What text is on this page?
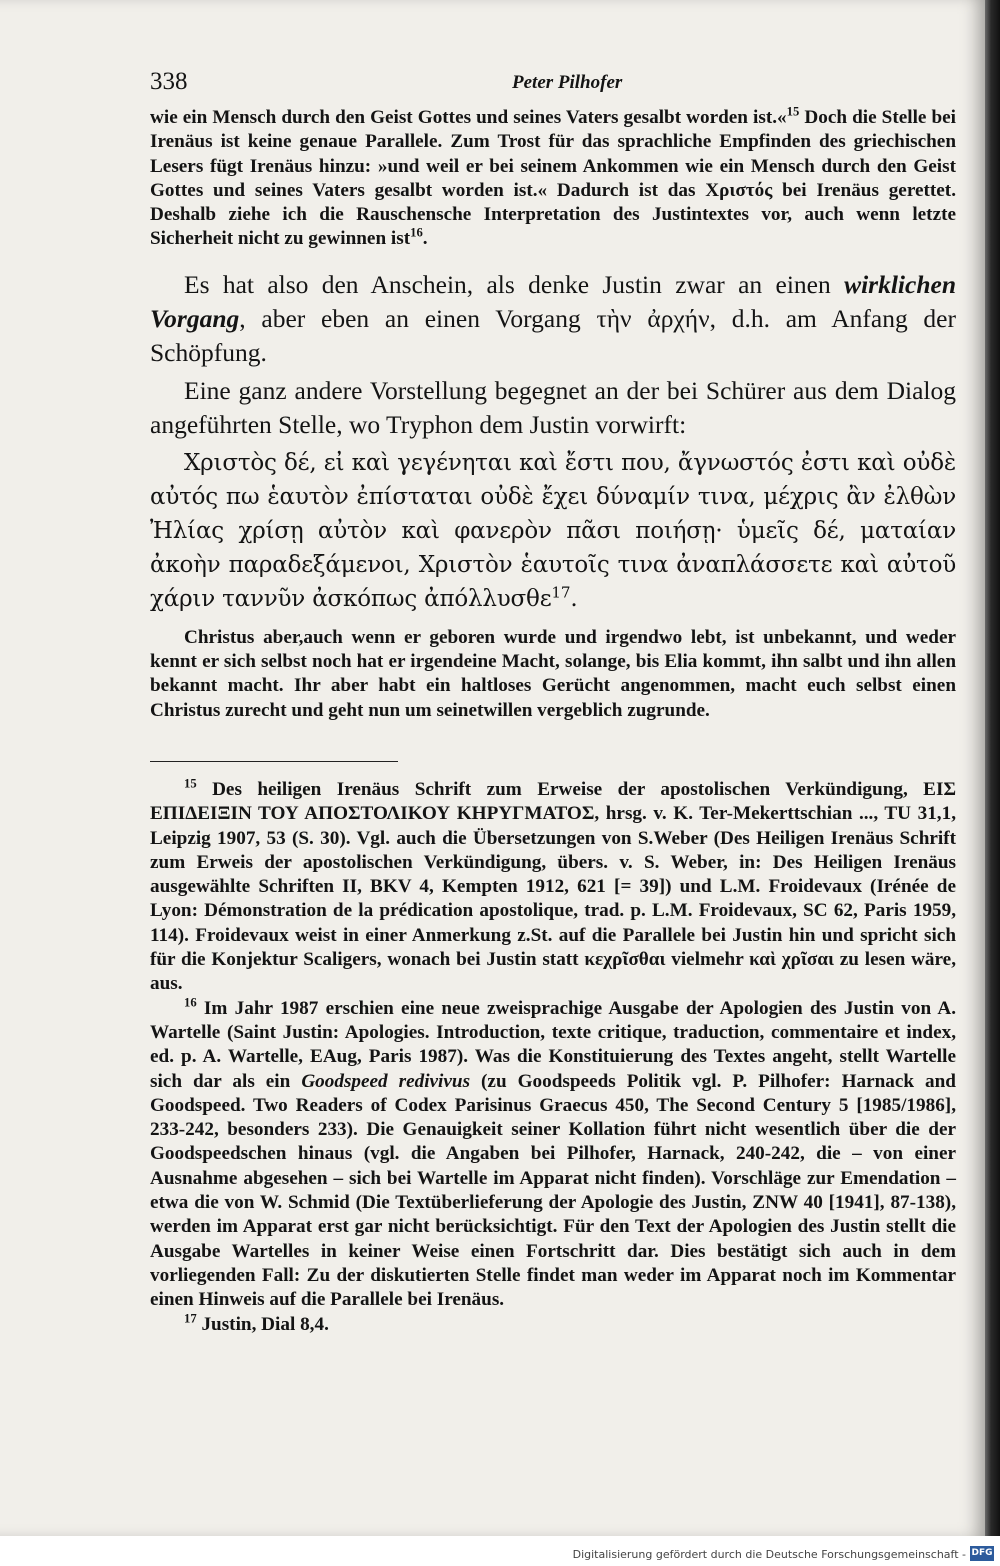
338	Peter Pilhofer

wie ein Mensch durch den Geist Gottes und seines Vaters gesalbt worden ist.«$^{15}$ Doch die Stelle bei Irenäus ist keine genaue Parallele. Zum Trost für das sprachliche Empfinden des griechischen Lesers fügt Irenäus hinzu: »und weil er bei seinem Ankommen wie ein Mensch durch den Geist Gottes und seines Vaters gesalbt worden ist.« Dadurch ist das Χριστός bei Irenäus gerettet. Deshalb ziehe ich die Rauschensche Interpretation des Justintextes vor, auch wenn letzte Sicherheit nicht zu gewinnen ist$^{16}$.

Es hat also den Anschein, als denke Justin zwar an einen wirklichen Vorgang, aber eben an einen Vorgang τὴν ἀρχήν, d.h. am Anfang der Schöpfung.

Eine ganz andere Vorstellung begegnet an der bei Schürer aus dem Dialog angeführten Stelle, wo Tryphon dem Justin vorwirft:

Χριστὸς δέ, εἰ καὶ γεγένηται καὶ ἔστι που, ἄγνωστός ἐστι καὶ οὐδὲ αὐτός πω ἑαυτὸν ἐπίσταται οὐδὲ ἔχει δύναμίν τινα, μέχρις ἂν ἐλθὼν Ἠλίας χρίσῃ αὐτὸν καὶ φανερὸν πᾶσι ποιήσῃ· ὑμεῖς δέ, ματαίαν ἀκοὴν παραδεξάμενοι, Χριστὸν ἑαυτοῖς τινα ἀναπλάσσετε καὶ αὐτοῦ χάριν ταννῦν ἀσκόπως ἀπόλλυσθε$^{17}$.

Christus aber,auch wenn er geboren wurde und irgendwo lebt, ist unbekannt, und weder kennt er sich selbst noch hat er irgendeine Macht, solange, bis Elia kommt, ihn salbt und ihn allen bekannt macht. Ihr aber habt ein haltloses Gerücht angenommen, macht euch selbst einen Christus zurecht und geht nun um seinetwillen vergeblich zugrunde.

$^{15}$ Des heiligen Irenäus Schrift zum Erweise der apostolischen Verkündigung, ΕΙΣ ΕΠΙΔΕΙΞΙΝ ΤΟΥ ΑΠΟΣΤΟΛΙΚΟΥ ΚΗΡΥΓΜΑΤΟΣ, hrsg. v. K. Ter-Mekerttschian ..., TU 31,1, Leipzig 1907, 53 (S. 30). Vgl. auch die Übersetzungen von S.Weber (Des Heiligen Irenäus Schrift zum Erweis der apostolischen Verkündigung, übers. v. S. Weber, in: Des Heiligen Irenäus ausgewählte Schriften II, BKV 4, Kempten 1912, 621 [= 39]) und L.M. Froidevaux (Irénée de Lyon: Démonstration de la prédication apostolique, trad. p. L.M. Froidevaux, SC 62, Paris 1959, 114). Froidevaux weist in einer Anmerkung z.St. auf die Parallele bei Justin hin und spricht sich für die Konjektur Scaligers, wonach bei Justin statt κεχρῖσθαι vielmehr καὶ χρῖσαι zu lesen wäre, aus.

$^{16}$ Im Jahr 1987 erschien eine neue zweisprachige Ausgabe der Apologien des Justin von A. Wartelle (Saint Justin: Apologies. Introduction, texte critique, traduction, commentaire et index, ed. p. A. Wartelle, EAug, Paris 1987). Was die Konstituierung des Textes angeht, stellt Wartelle sich dar als ein Goodspeed redivivus (zu Goodspeeds Politik vgl. P. Pilhofer: Harnack and Goodspeed. Two Readers of Codex Parisinus Graecus 450, The Second Century 5 [1985/1986], 233-242, besonders 233). Die Genauigkeit seiner Kollation führt nicht wesentlich über die der Goodspeedschen hinaus (vgl. die Angaben bei Pilhofer, Harnack, 240-242, die – von einer Ausnahme abgesehen – sich bei Wartelle im Apparat nicht finden). Vorschläge zur Emendation – etwa die von W. Schmid (Die Textüberlieferung der Apologie des Justin, ZNW 40 [1941], 87-138), werden im Apparat erst gar nicht berücksichtigt. Für den Text der Apologien des Justin stellt die Ausgabe Wartelles in keiner Weise einen Fortschritt dar. Dies bestätigt sich auch in dem vorliegenden Fall: Zu der diskutierten Stelle findet man weder im Apparat noch im Kommentar einen Hinweis auf die Parallele bei Irenäus.

$^{17}$ Justin, Dial 8,4.

Digitalisierung gefördert durch die Deutsche Forschungsgemeinschaft - DFG
